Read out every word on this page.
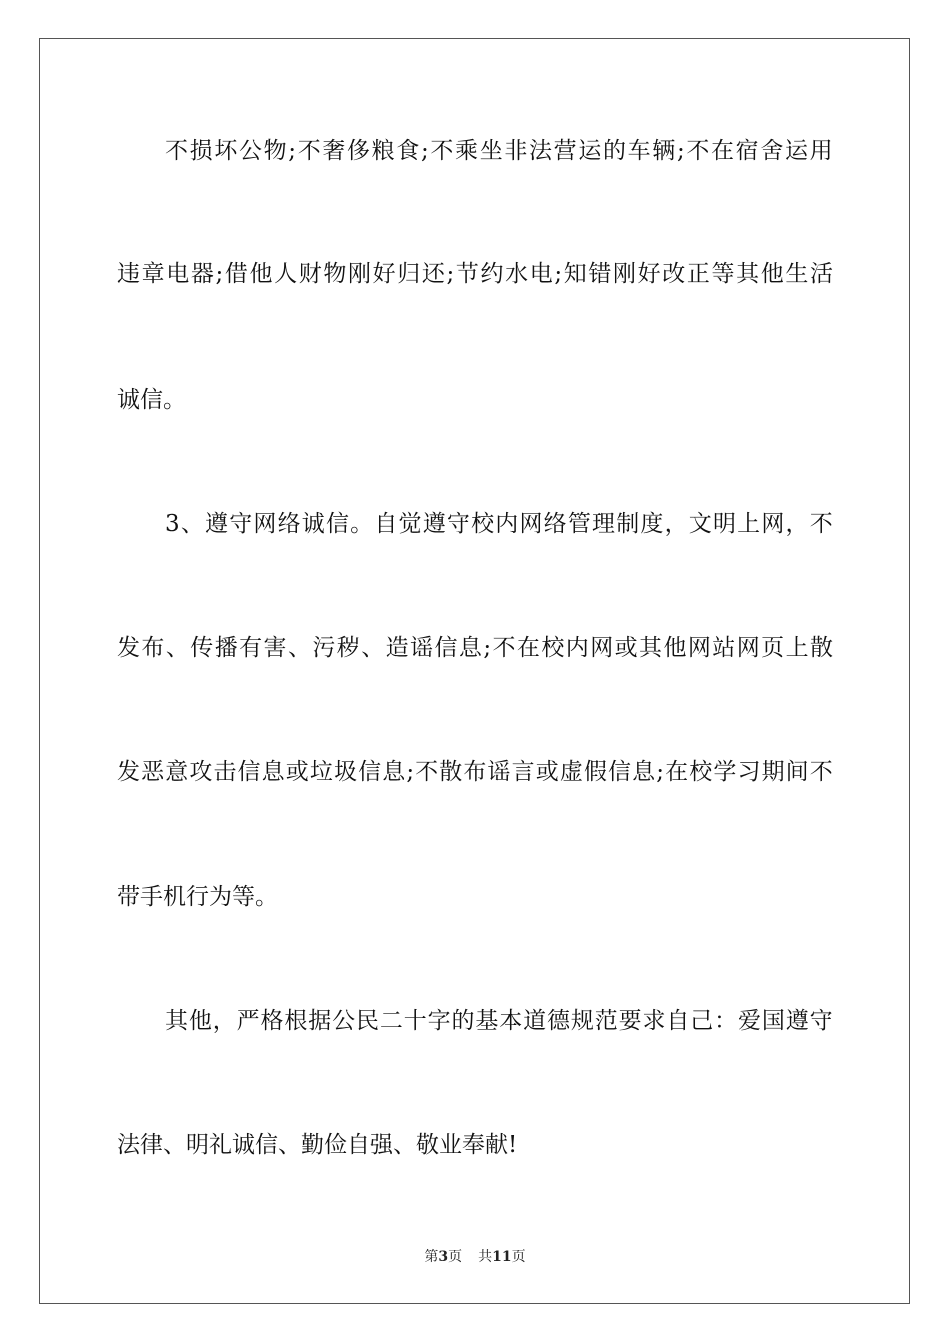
不 损 坏 公 物 ; 不 奢 侈 粮 食 ; 不 乘 坐 非 法 营 运 的 车 辆 ; 不 在 宿 舍 运 用
违 章 电 器 ; 借 他 人 财 物 刚 好 归 还 ; 节 约 水 电 ; 知 错 刚 好 改 正 等 其 他 生 活
诚信。
3 、 遵 守 网 络 诚 信 。 自 觉 遵 守 校 内 网 络 管 理 制 度 ， 文 明 上 网 ， 不
发 布 、 传 播 有 害 、 污 秽 、 造 谣 信 息 ; 不 在 校 内 网 或 其 他 网 站 网 页 上 散
发 恶 意 攻 击 信 息 或 垃 圾 信 息 ; 不 散 布 谣 言 或 虚 假 信 息 ; 在 校 学 习 期 间 不
带手机行为等。
其 他 ， 严 格 根 据 公 民 二 十 字 的 基 本 道 德 规 范 要 求 自 己 ： 爱 国 遵 守
法律、明礼诚信、勤俭自强、敬业奉献!
第3页 共11页
